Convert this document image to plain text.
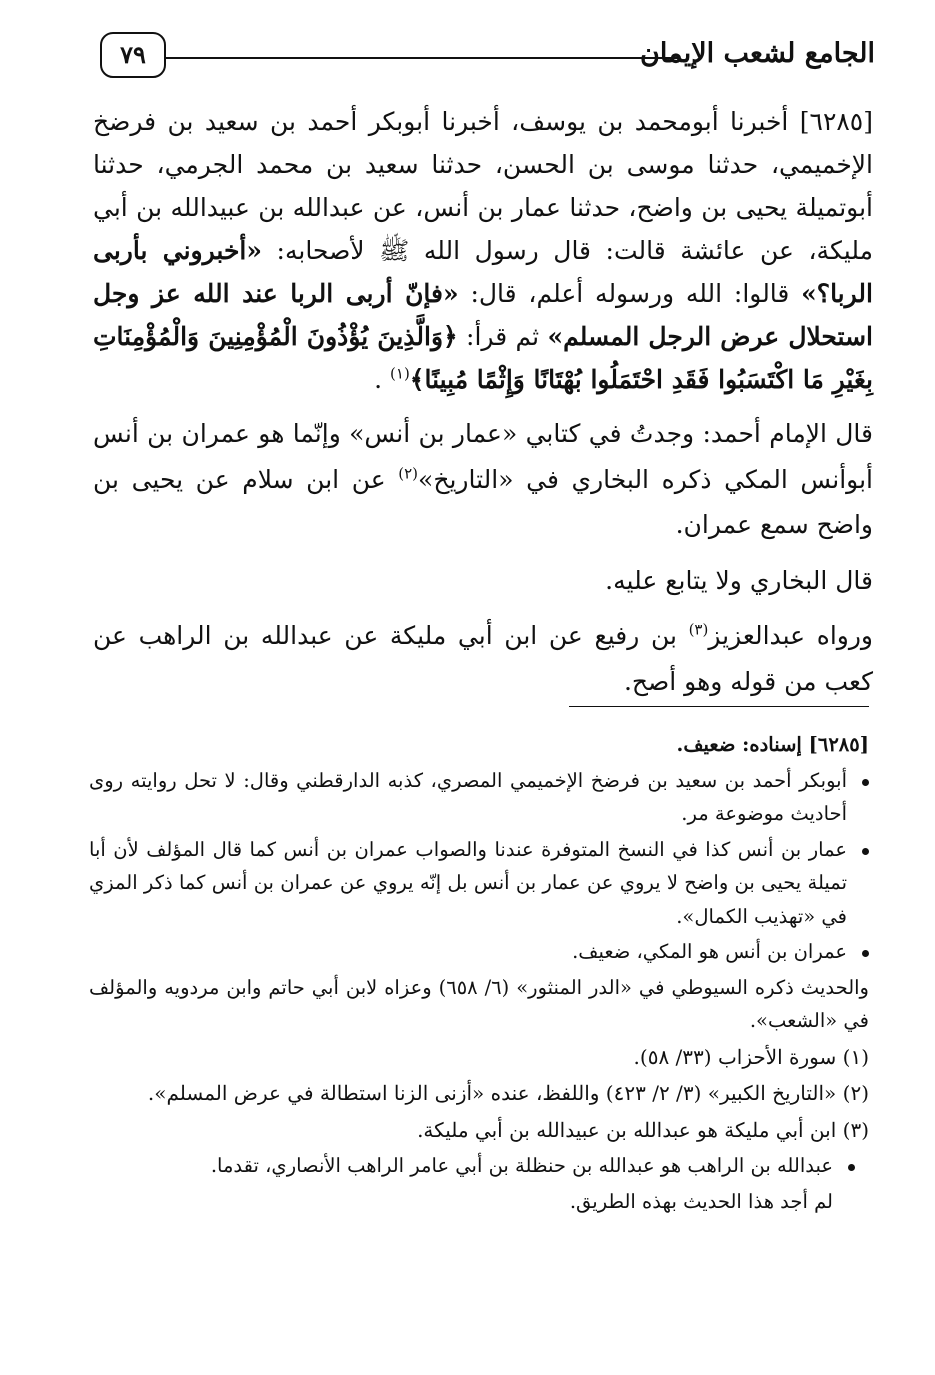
الجامع لشعب الإيمان
٧٩

[٦٢٨٥] أخبرنا أبومحمد بن يوسف، أخبرنا أبوبكر أحمد بن سعيد بن فرضخ الإخميمي، حدثنا موسى بن الحسن، حدثنا سعيد بن محمد الجرمي، حدثنا أبوتميلة يحيى بن واضح، حدثنا عمار بن أنس، عن عبدالله بن عبيدالله بن أبي مليكة، عن عائشة قالت: قال رسول الله ﷺ لأصحابه: «أخبروني بأربى الربا؟» قالوا: الله ورسوله أعلم، قال: «فإنّ أربى الربا عند الله عز وجل استحلال عرض الرجل المسلم» ثم قرأ: ﴿وَالَّذِينَ يُؤْذُونَ الْمُؤْمِنِينَ وَالْمُؤْمِنَاتِ بِغَيْرِ مَا اكْتَسَبُوا فَقَدِ احْتَمَلُوا بُهْتَانًا وَإِثْمًا مُبِينًا﴾$^{(١)}$ .

قال الإمام أحمد: وجدتُ في كتابي «عمار بن أنس» وإنّما هو عمران بن أنس أبوأنس المكي ذكره البخاري في «التاريخ»$^{(٢)}$ عن ابن سلام عن يحيى بن واضح سمع عمران.

قال البخاري ولا يتابع عليه.

ورواه عبدالعزيز$^{(٣)}$ بن رفيع عن ابن أبي مليكة عن عبدالله بن الراهب عن كعب من قوله وهو أصح.

[٦٢٨٥] إسناده: ضعيف.

أبوبكر أحمد بن سعيد بن فرضخ الإخميمي المصري، كذبه الدارقطني وقال: لا تحل روايته روى أحاديث موضوعة مر.
عمار بن أنس كذا في النسخ المتوفرة عندنا والصواب عمران بن أنس كما قال المؤلف لأن أبا تميلة يحيى بن واضح لا يروي عن عمار بن أنس بل إنّه يروي عن عمران بن أنس كما ذكر المزي في «تهذيب الكمال».
عمران بن أنس هو المكي، ضعيف.

والحديث ذكره السيوطي في «الدر المنثور» (٦/ ٦٥٨) وعزاه لابن أبي حاتم وابن مردويه والمؤلف في «الشعب».

(١) سورة الأحزاب (٣٣/ ٥٨).

(٢) «التاريخ الكبير» (٣/ ٢/ ٤٢٣) واللفظ، عنده «أزنى الزنا استطالة في عرض المسلم».

(٣) ابن أبي مليكة هو عبدالله بن عبيدالله بن أبي مليكة.

عبدالله بن الراهب هو عبدالله بن حنظلة بن أبي عامر الراهب الأنصاري، تقدما.

لم أجد هذا الحديث بهذه الطريق.
